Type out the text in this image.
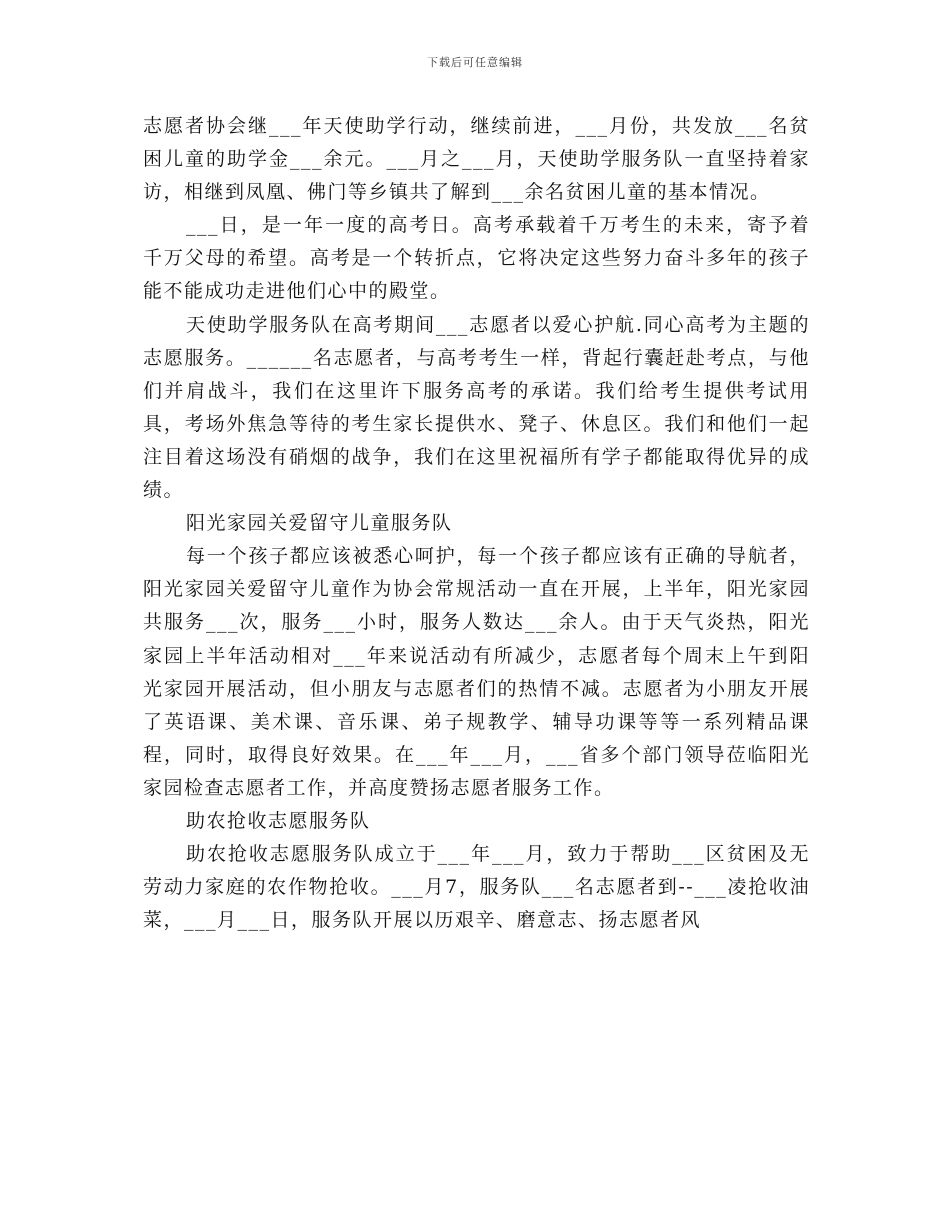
下载后可任意编辑

志愿者协会继___年天使助学行动，继续前进，___月份，共发放___名贫困儿童的助学金___余元。___月之___月，天使助学服务队一直坚持着家访，相继到凤凰、佛门等乡镇共了解到___余名贫困儿童的基本情况。

___日，是一年一度的高考日。高考承载着千万考生的未来，寄予着千万父母的希望。高考是一个转折点，它将决定这些努力奋斗多年的孩子能不能成功走进他们心中的殿堂。

天使助学服务队在高考期间___志愿者以爱心护航.同心高考为主题的志愿服务。______名志愿者，与高考考生一样，背起行囊赶赴考点，与他们并肩战斗，我们在这里许下服务高考的承诺。我们给考生提供考试用具，考场外焦急等待的考生家长提供水、凳子、休息区。我们和他们一起注目着这场没有硝烟的战争，我们在这里祝福所有学子都能取得优异的成绩。

阳光家园关爱留守儿童服务队

每一个孩子都应该被悉心呵护，每一个孩子都应该有正确的导航者，阳光家园关爱留守儿童作为协会常规活动一直在开展，上半年，阳光家园共服务___次，服务___小时，服务人数达___余人。由于天气炎热，阳光家园上半年活动相对___年来说活动有所减少，志愿者每个周末上午到阳光家园开展活动，但小朋友与志愿者们的热情不减。志愿者为小朋友开展了英语课、美术课、音乐课、弟子规教学、辅导功课等等一系列精品课程，同时，取得良好效果。在___年___月，___省多个部门领导莅临阳光家园检查志愿者工作，并高度赞扬志愿者服务工作。

助农抢收志愿服务队

助农抢收志愿服务队成立于___年___月，致力于帮助___区贫困及无劳动力家庭的农作物抢收。___月7，服务队___名志愿者到--___凌抢收油菜，___月___日，服务队开展以历艰辛、磨意志、扬志愿者风
